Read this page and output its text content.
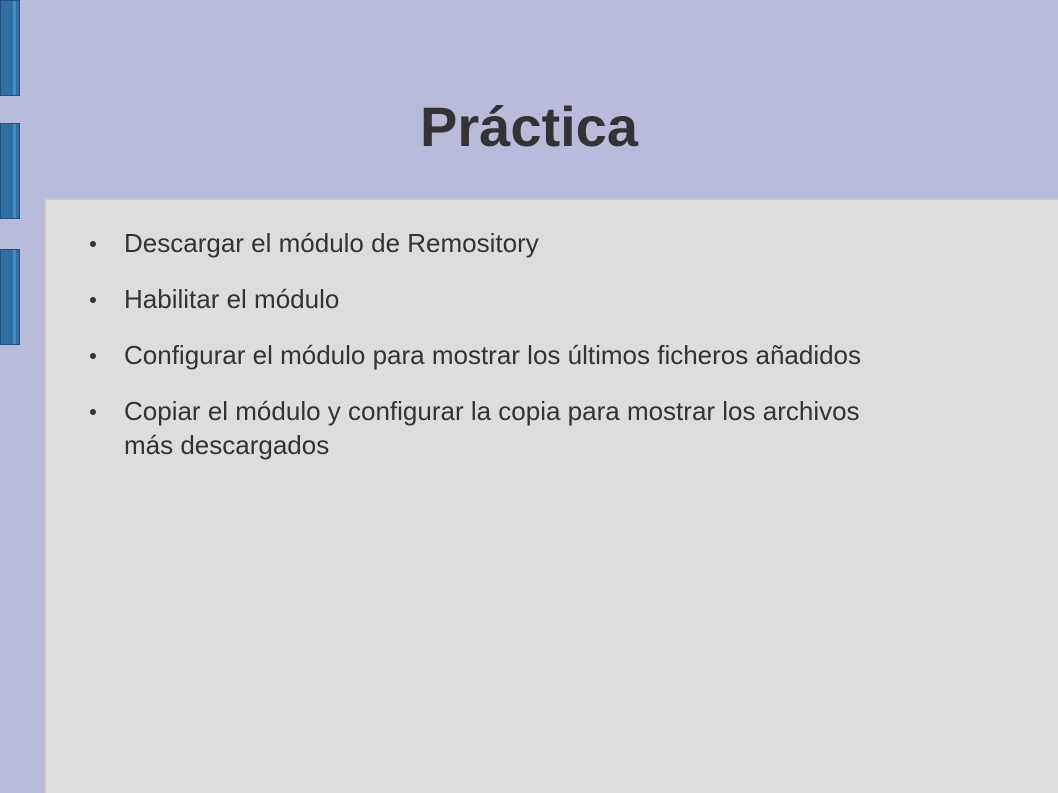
Práctica
Descargar el módulo de Remository
Habilitar el módulo
Configurar el módulo para mostrar los últimos ficheros añadidos
Copiar el módulo y configurar la copia para mostrar los archivos más descargados
